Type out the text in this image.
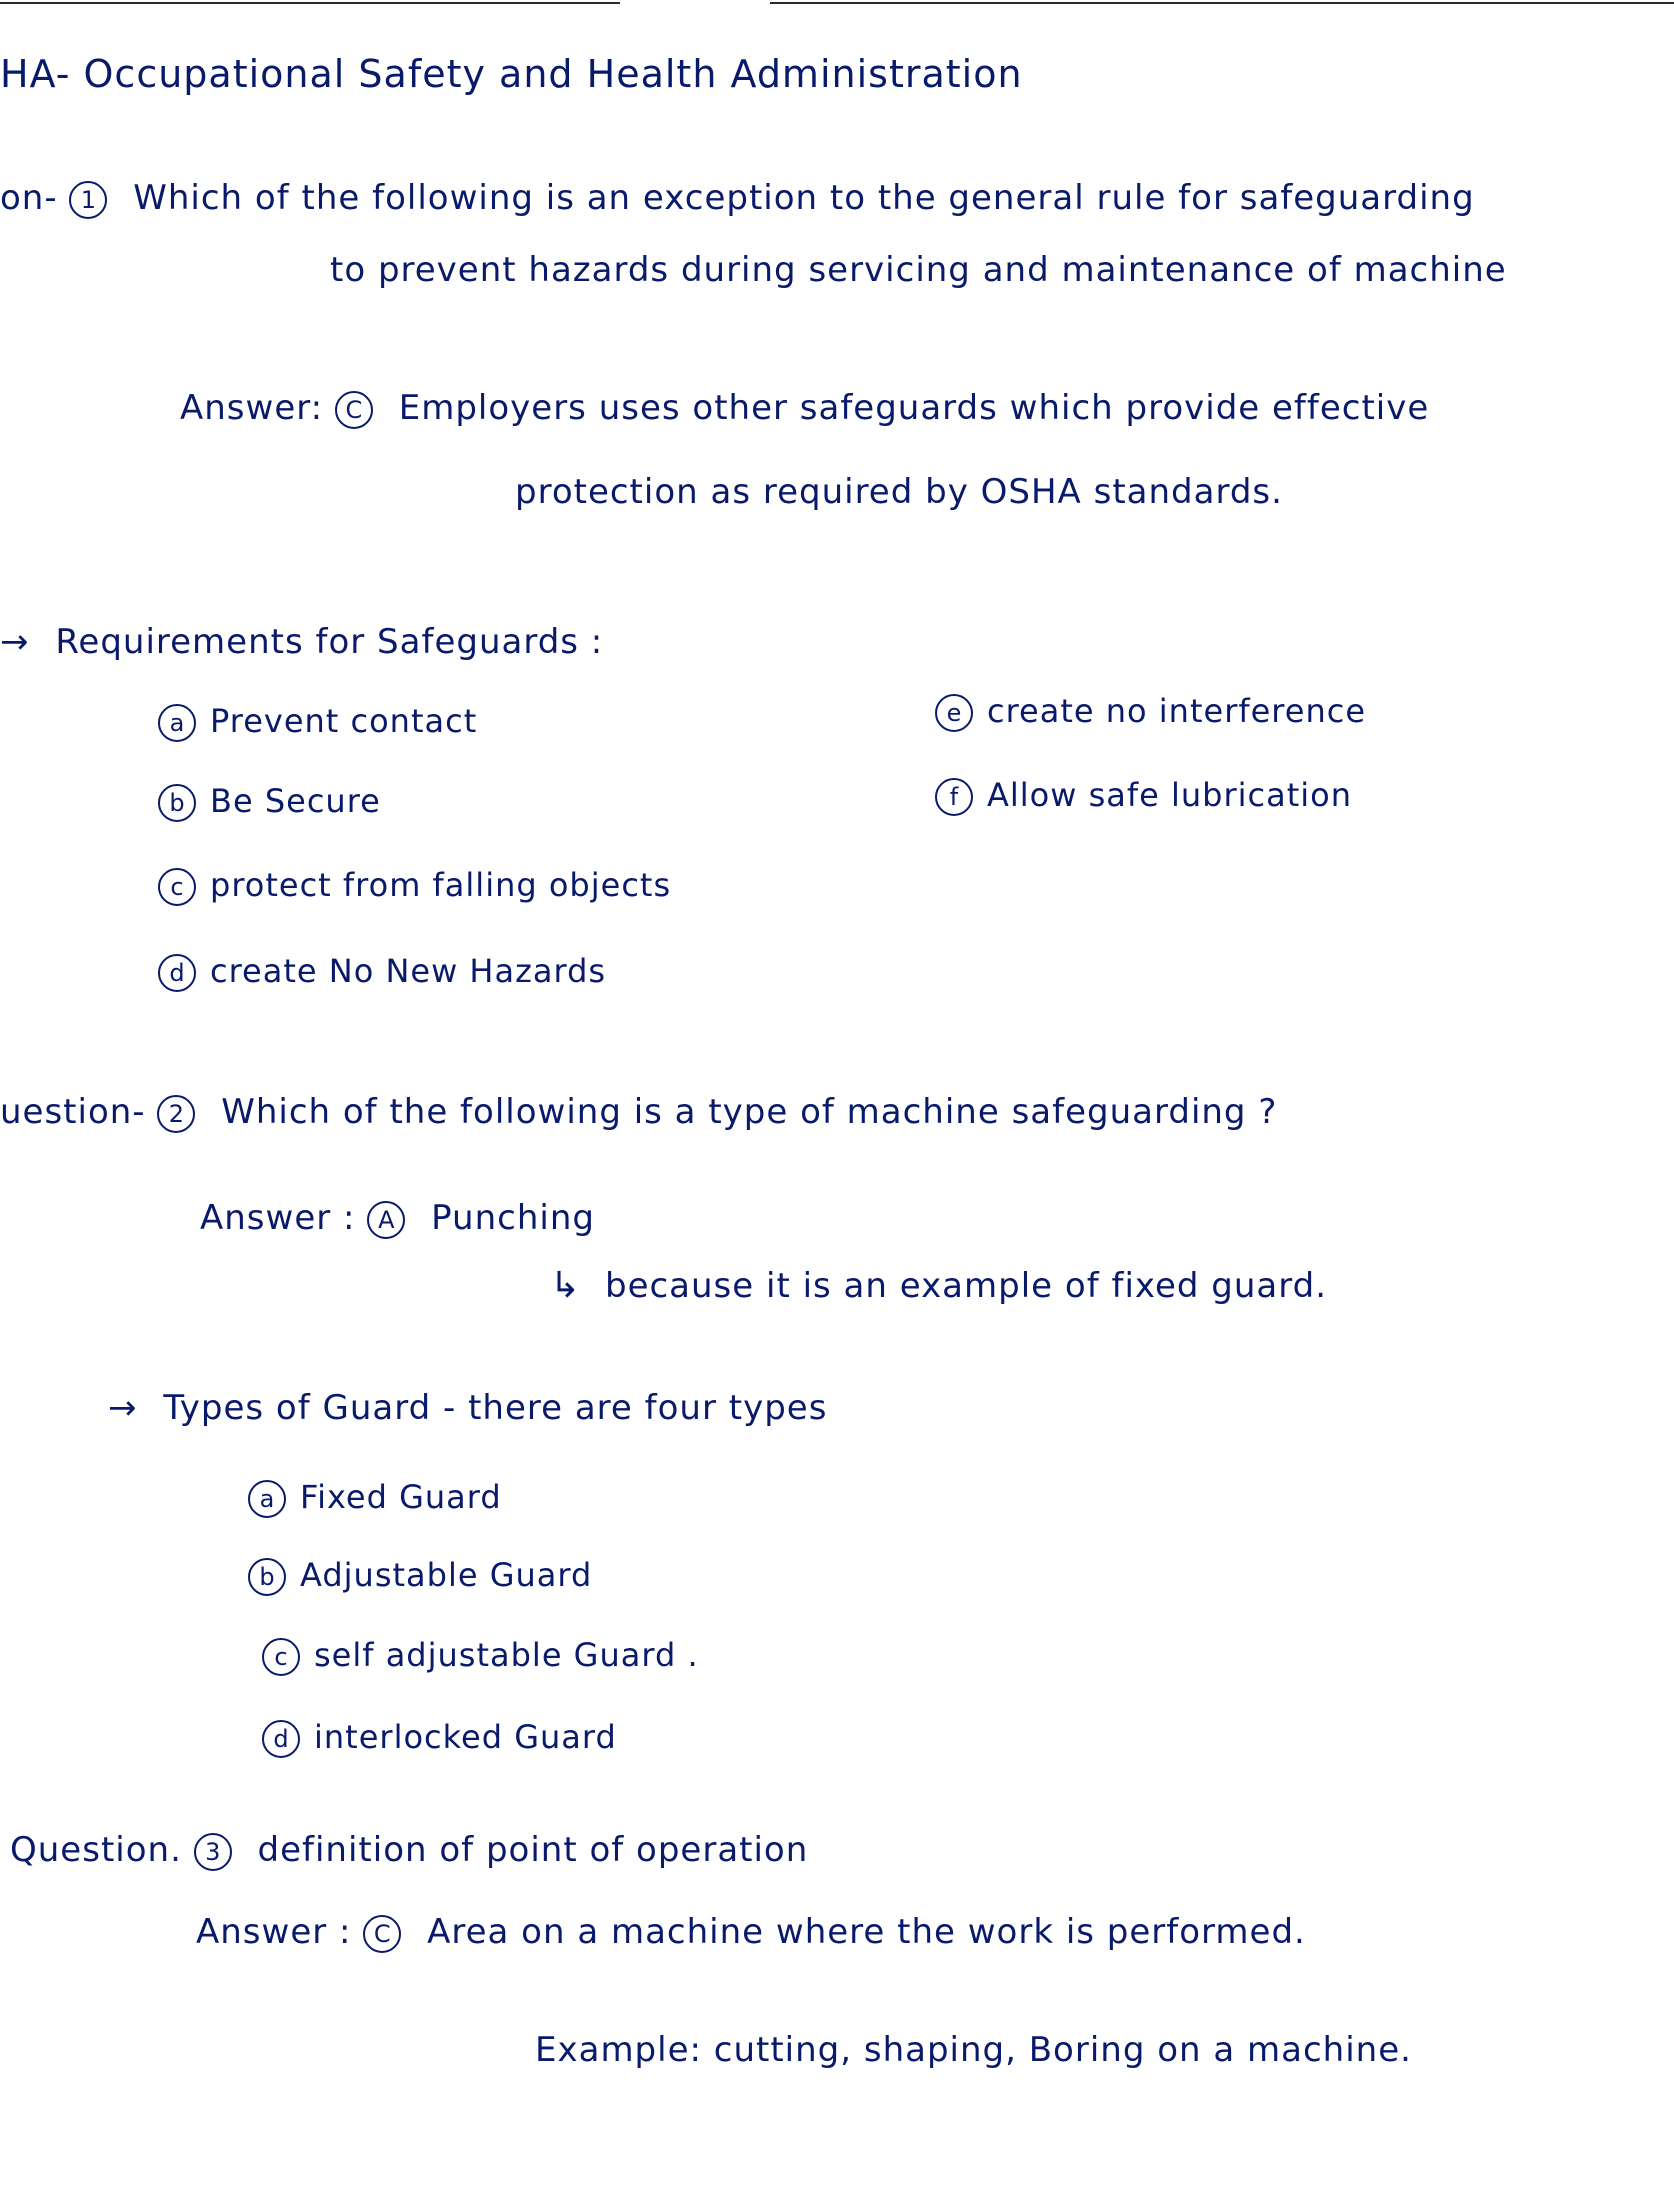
HA- Occupational Safety and Health Administration
on- 1 Which of the following is an exception to the general rule for safeguarding
to prevent hazards during servicing and maintenance of machine
Answer: C Employers uses other safeguards which provide effective
protection as required by OSHA standards.
→ Requirements for Safeguards :
a Prevent contact
b Be Secure
c protect from falling objects
d create No New Hazards
e create no interference
f Allow safe lubrication
uestion- 2 Which of the following is a type of machine safeguarding ?
Answer : A Punching
↳ because it is an example of fixed guard.
→ Types of Guard - there are four types
a Fixed Guard
b Adjustable Guard
c self adjustable Guard .
d interlocked Guard
Question. 3 definition of point of operation
Answer : C Area on a machine where the work is performed.
Example: cutting, shaping, Boring on a machine.
